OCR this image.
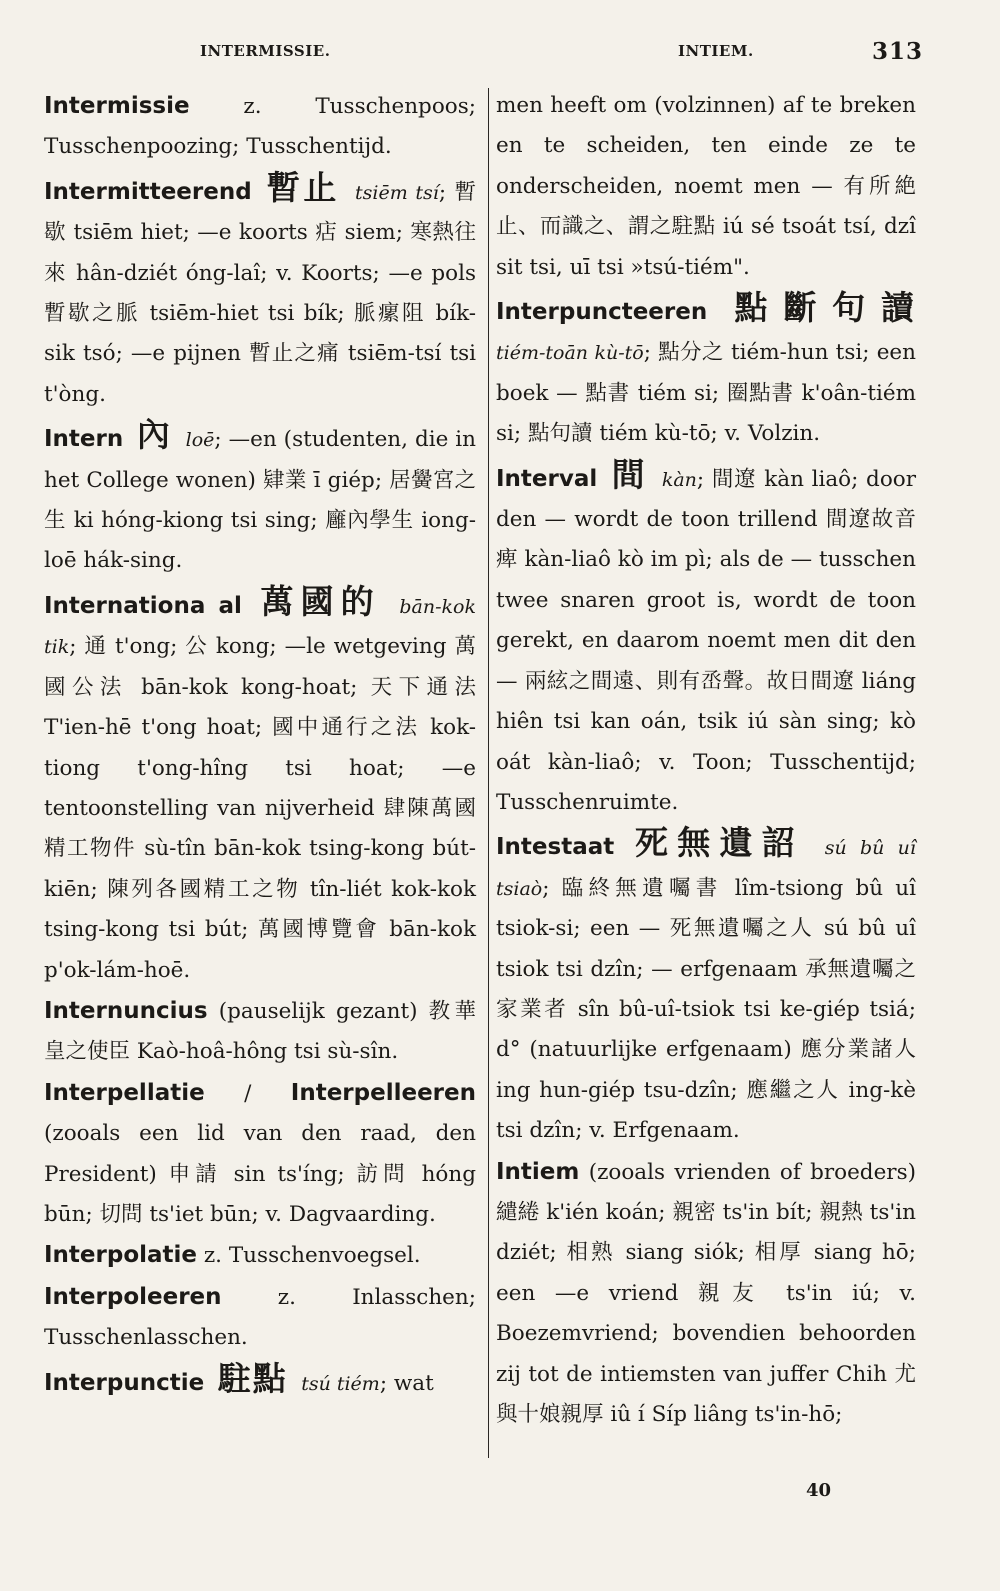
INTERMISSIE.	INTIEM.	313

Intermissie z. Tusschenpoos; Tusschenpoozing; Tusschentijd.

Intermitteerend 暫止 tsiēm tsí; 暫歇 tsiēm hiet; —e koorts 痁 siem; 寒熱往來 hân-dziét óng-laî; v. Koorts; —e pols 暫歇之脈 tsiēm-hiet tsi bík; 脈瘰阻 bík-sik tsó; —e pijnen 暫止之痛 tsiēm-tsí tsi t'òng.

Intern 內 loē; —en (studenten, die in het College wonen) 肄業 ī giép; 居黌宮之生 ki hóng-kiong tsi sing; 廱內學生 iong-loē hák-sing.

Internationa al 萬國的 bān-kok tik; 通 t'ong; 公 kong; —le wetgeving 萬國公法 bān-kok kong-hoat; 天下通法 T'ien-hē t'ong hoat; 國中通行之法 kok-tiong t'ong-hîng tsi hoat; —e tentoonstelling van nijverheid 肆陳萬國精工物件 sù-tîn bān-kok tsing-kong bút-kiēn; 陳列各國精工之物 tîn-liét kok-kok tsing-kong tsi bút; 萬國博覽會 bān-kok p'ok-lám-hoē.

Internuncius (pauselijk gezant) 教華皇之使臣 Kaò-hoâ-hông tsi sù-sîn.

Interpellatie / Interpelleeren (zooals een lid van den raad, den President) 申請 sin ts'íng; 訪問 hóng būn; 切問 ts'iet būn; v. Dagvaarding.

Interpolatie z. Tusschenvoegsel.

Interpoleeren z. Inlasschen; Tusschenlasschen.

Interpunctie 駐點 tsú tiém; wat

men heeft om (volzinnen) af te breken en te scheiden, ten einde ze te onderscheiden, noemt men — 有所絶止、而識之、謂之駐點 iú sé tsoát tsí, dzî sit tsi, uī tsi »tsú-tiém".

Interpuncteeren 點斷句讀 tiém-toān kù-tō; 點分之 tiém-hun tsi; een boek — 點書 tiém si; 圈點書 k'oân-tiém si; 點句讀 tiém kù-tō; v. Volzin.

Interval 間 kàn; 間遼 kàn liaô; door den — wordt de toon trillend 間遼故音痺 kàn-liaô kò im pì; als de — tusschen twee snaren groot is, wordt de toon gerekt, en daarom noemt men dit den — 兩絃之間遠、則有㞼聲。故日間遼 liáng hiên tsi kan oán, tsik iú sàn sing; kò oát kàn-liaô; v. Toon; Tusschentijd; Tusschenruimte.

Intestaat 死無遺詔 sú bû uî tsiaò; 臨終無遺囑書 lîm-tsiong bû uî tsiok-si; een — 死無遺囑之人 sú bû uî tsiok tsi dzîn; — erfgenaam 承無遺囑之家業者 sîn bû-uî-tsiok tsi ke-giép tsiá; d° (natuurlijke erfgenaam) 應分業諸人 ing hun-giép tsu-dzîn; 應繼之人 ing-kè tsi dzîn; v. Erfgenaam.

Intiem (zooals vrienden of broeders) 繾綣 k'ién koán; 親密 ts'in bít; 親熱 ts'in dziét; 相熟 siang siók; 相厚 siang hō; een —e vriend 親友 ts'in iú; v. Boezemvriend; bovendien behoorden zij tot de intiemsten van juffer Chih 尤與十娘親厚 iû í Síp liâng ts'in-hō;

40
